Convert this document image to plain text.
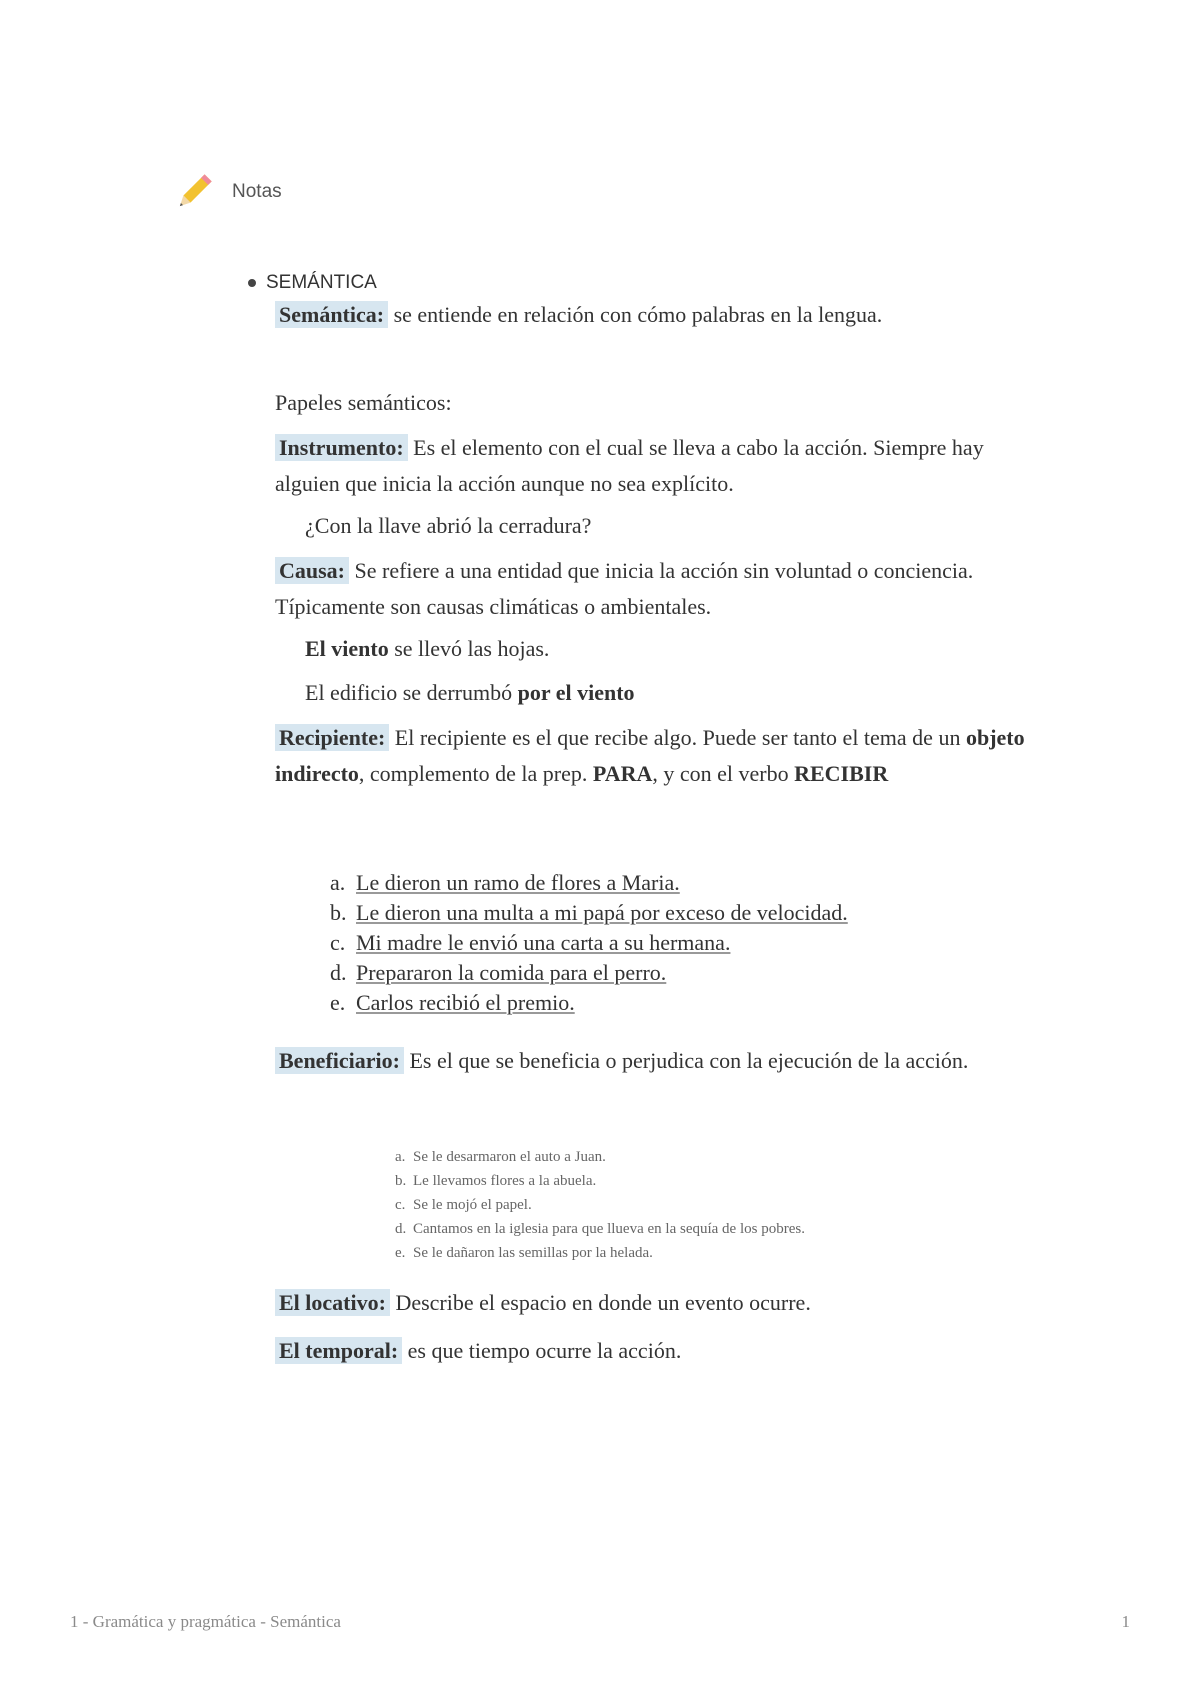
Notas
SEMÁNTICA

Semántica: se entiende en relación con cómo palabras en la lengua.

Papeles semánticos:

Instrumento: Es el elemento con el cual se lleva a cabo la acción. Siempre hay alguien que inicia la acción aunque no sea explícito.

¿Con la llave abrió la cerradura?

Causa: Se refiere a una entidad que inicia la acción sin voluntad o conciencia. Típicamente son causas climáticas o ambientales.

El viento se llevó las hojas.

El edificio se derrumbó por el viento

Recipiente: El recipiente es el que recibe algo. Puede ser tanto el tema de un objeto indirecto, complemento de la prep. PARA, y con el verbo RECIBIR

a. Le dieron un ramo de flores a Maria.
b. Le dieron una multa a mi papá por exceso de velocidad.
c. Mi madre le envió una carta a su hermana.
d. Prepararon la comida para el perro.
e. Carlos recibió el premio.

Beneficiario: Es el que se beneficia o perjudica con la ejecución de la acción.

a. Se le desarmaron el auto a Juan.
b. Le llevamos flores a la abuela.
c. Se le mojó el papel.
d. Cantamos en la iglesia para que llueva en la sequía de los pobres.
e. Se le dañaron las semillas por la helada.

El locativo: Describe el espacio en donde un evento ocurre.

El temporal: es que tiempo ocurre la acción.

1 - Gramática y pragmática - Semántica	1
